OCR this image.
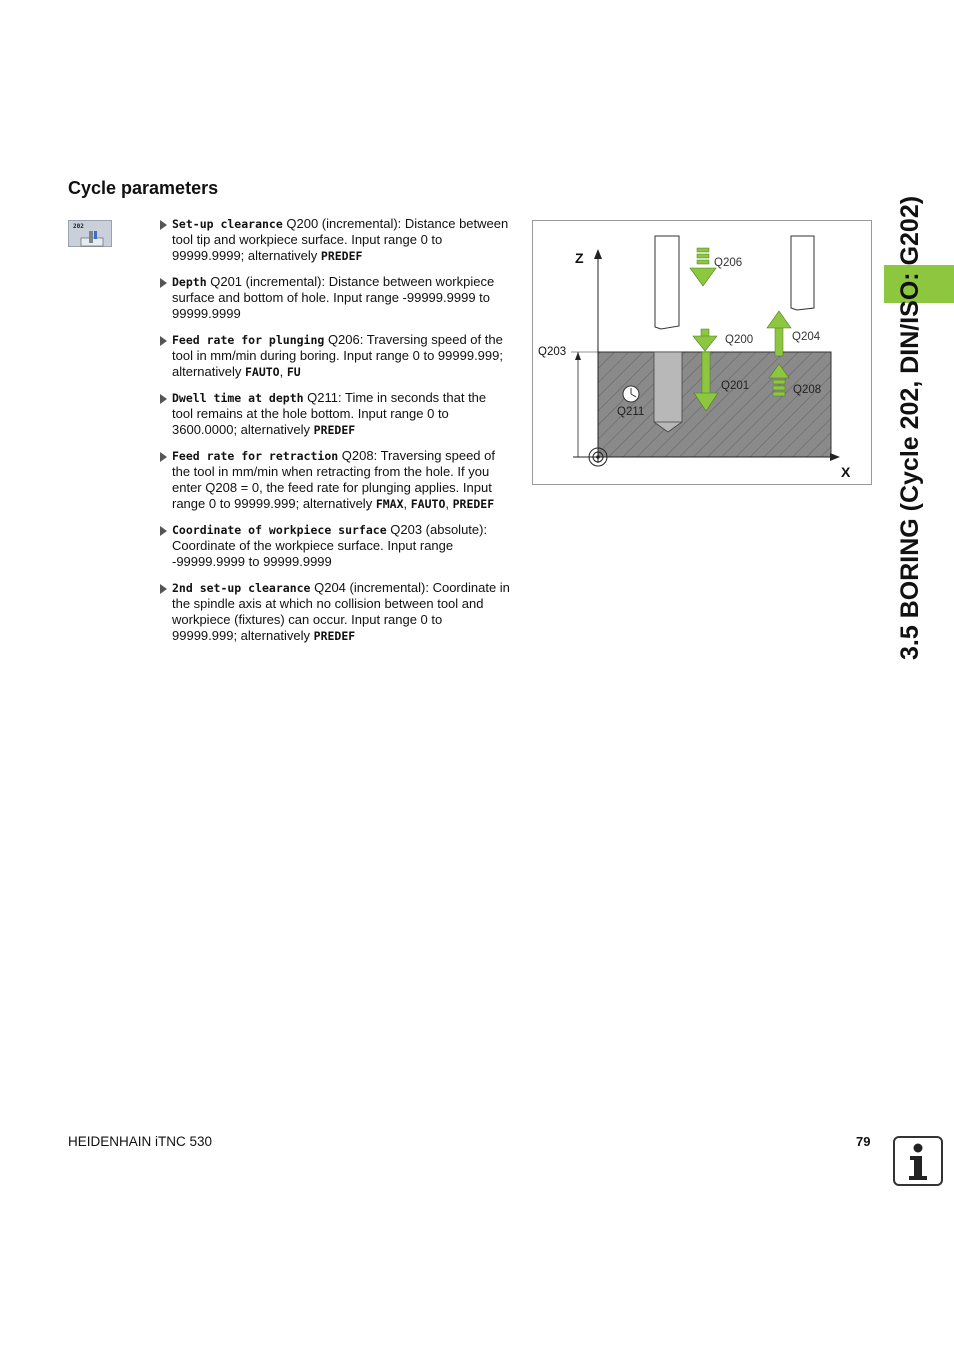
Cycle parameters
202	Set-up clearance Q200 (incremental): Distance between tool tip and workpiece surface. Input range 0 to 99999.9999; alternatively PREDEF
Depth Q201 (incremental): Distance between workpiece surface and bottom of hole. Input range -99999.9999 to 99999.9999
Feed rate for plunging Q206: Traversing speed of the tool in mm/min during boring. Input range 0 to 99999.999; alternatively FAUTO, FU
Dwell time at depth Q211: Time in seconds that the tool remains at the hole bottom. Input range 0 to 3600.0000; alternatively PREDEF
Feed rate for retraction Q208: Traversing speed of the tool in mm/min when retracting from the hole. If you enter Q208 = 0, the feed rate for plunging applies. Input range 0 to 99999.999; alternatively FMAX, FAUTO, PREDEF
Coordinate of workpiece surface Q203 (absolute): Coordinate of the workpiece surface. Input range -99999.9999 to 99999.9999
2nd set-up clearance Q204 (incremental): Coordinate in the spindle axis at which no collision between tool and workpiece (fixtures) can occur. Input range 0 to 99999.999; alternatively PREDEF
Z
X
Q206
Q200	Q204
Q203
Q201	Q208
Q211	3.5 BORING (Cycle 202, DIN/ISO: G202)
HEIDENHAIN iTNC 530	79
